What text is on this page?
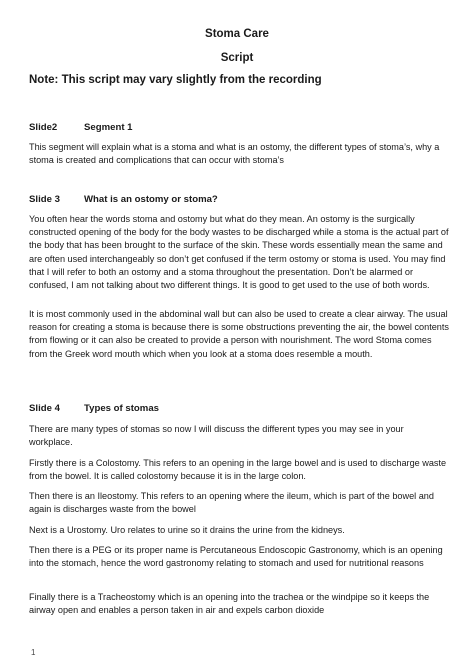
Stoma Care
Script
Note: This script may vary slightly from the recording
Slide2	Segment 1

This segment will explain what is a stoma and what is an ostomy, the different types of stoma’s, why a stoma is created and complications that can occur with stoma’s

Slide 3	What is an ostomy or stoma?

You often hear the words stoma and ostomy but what do they mean. An ostomy is the surgically constructed opening of the body for the body wastes to be discharged while a stoma is the actual part of the body that has been brought to the surface of the skin. These words essentially mean the same and are often used interchangeably so don’t get confused if the term ostomy or stoma is used. You may find that I will refer to both an ostomy and a stoma throughout the presentation. Don’t be alarmed or confused, I am not talking about two different things. It is good to get used to the use of both words.

It is most commonly used in the abdominal wall but can also be used to create a clear airway. The usual reason for creating a stoma is because there is some obstructions preventing the air, the bowel contents from flowing or it can also be created to provide a person with nourishment. The word Stoma comes from the Greek word mouth which when you look at a stoma does resemble a mouth.

Slide 4	Types of stomas

There are many types of stomas so now I will discuss the different types you may see in your workplace.

Firstly there is a Colostomy. This refers to an opening in the large bowel and is used to discharge waste from the bowel. It is called colostomy because it is in the large colon.

Then there is an Ileostomy. This refers to an opening where the ileum, which is part of the bowel and again is discharges waste from the bowel

Next is a Urostomy. Uro relates to urine so it drains the urine from the kidneys.

Then there is a PEG or its proper name is Percutaneous Endoscopic Gastronomy, which is an opening into the stomach, hence the word gastronomy relating to stomach and used for nutritional reasons

Finally there is a Tracheostomy which is an opening into the trachea or the windpipe so it keeps the airway open and enables a person taken in air and expels carbon dioxide

1
